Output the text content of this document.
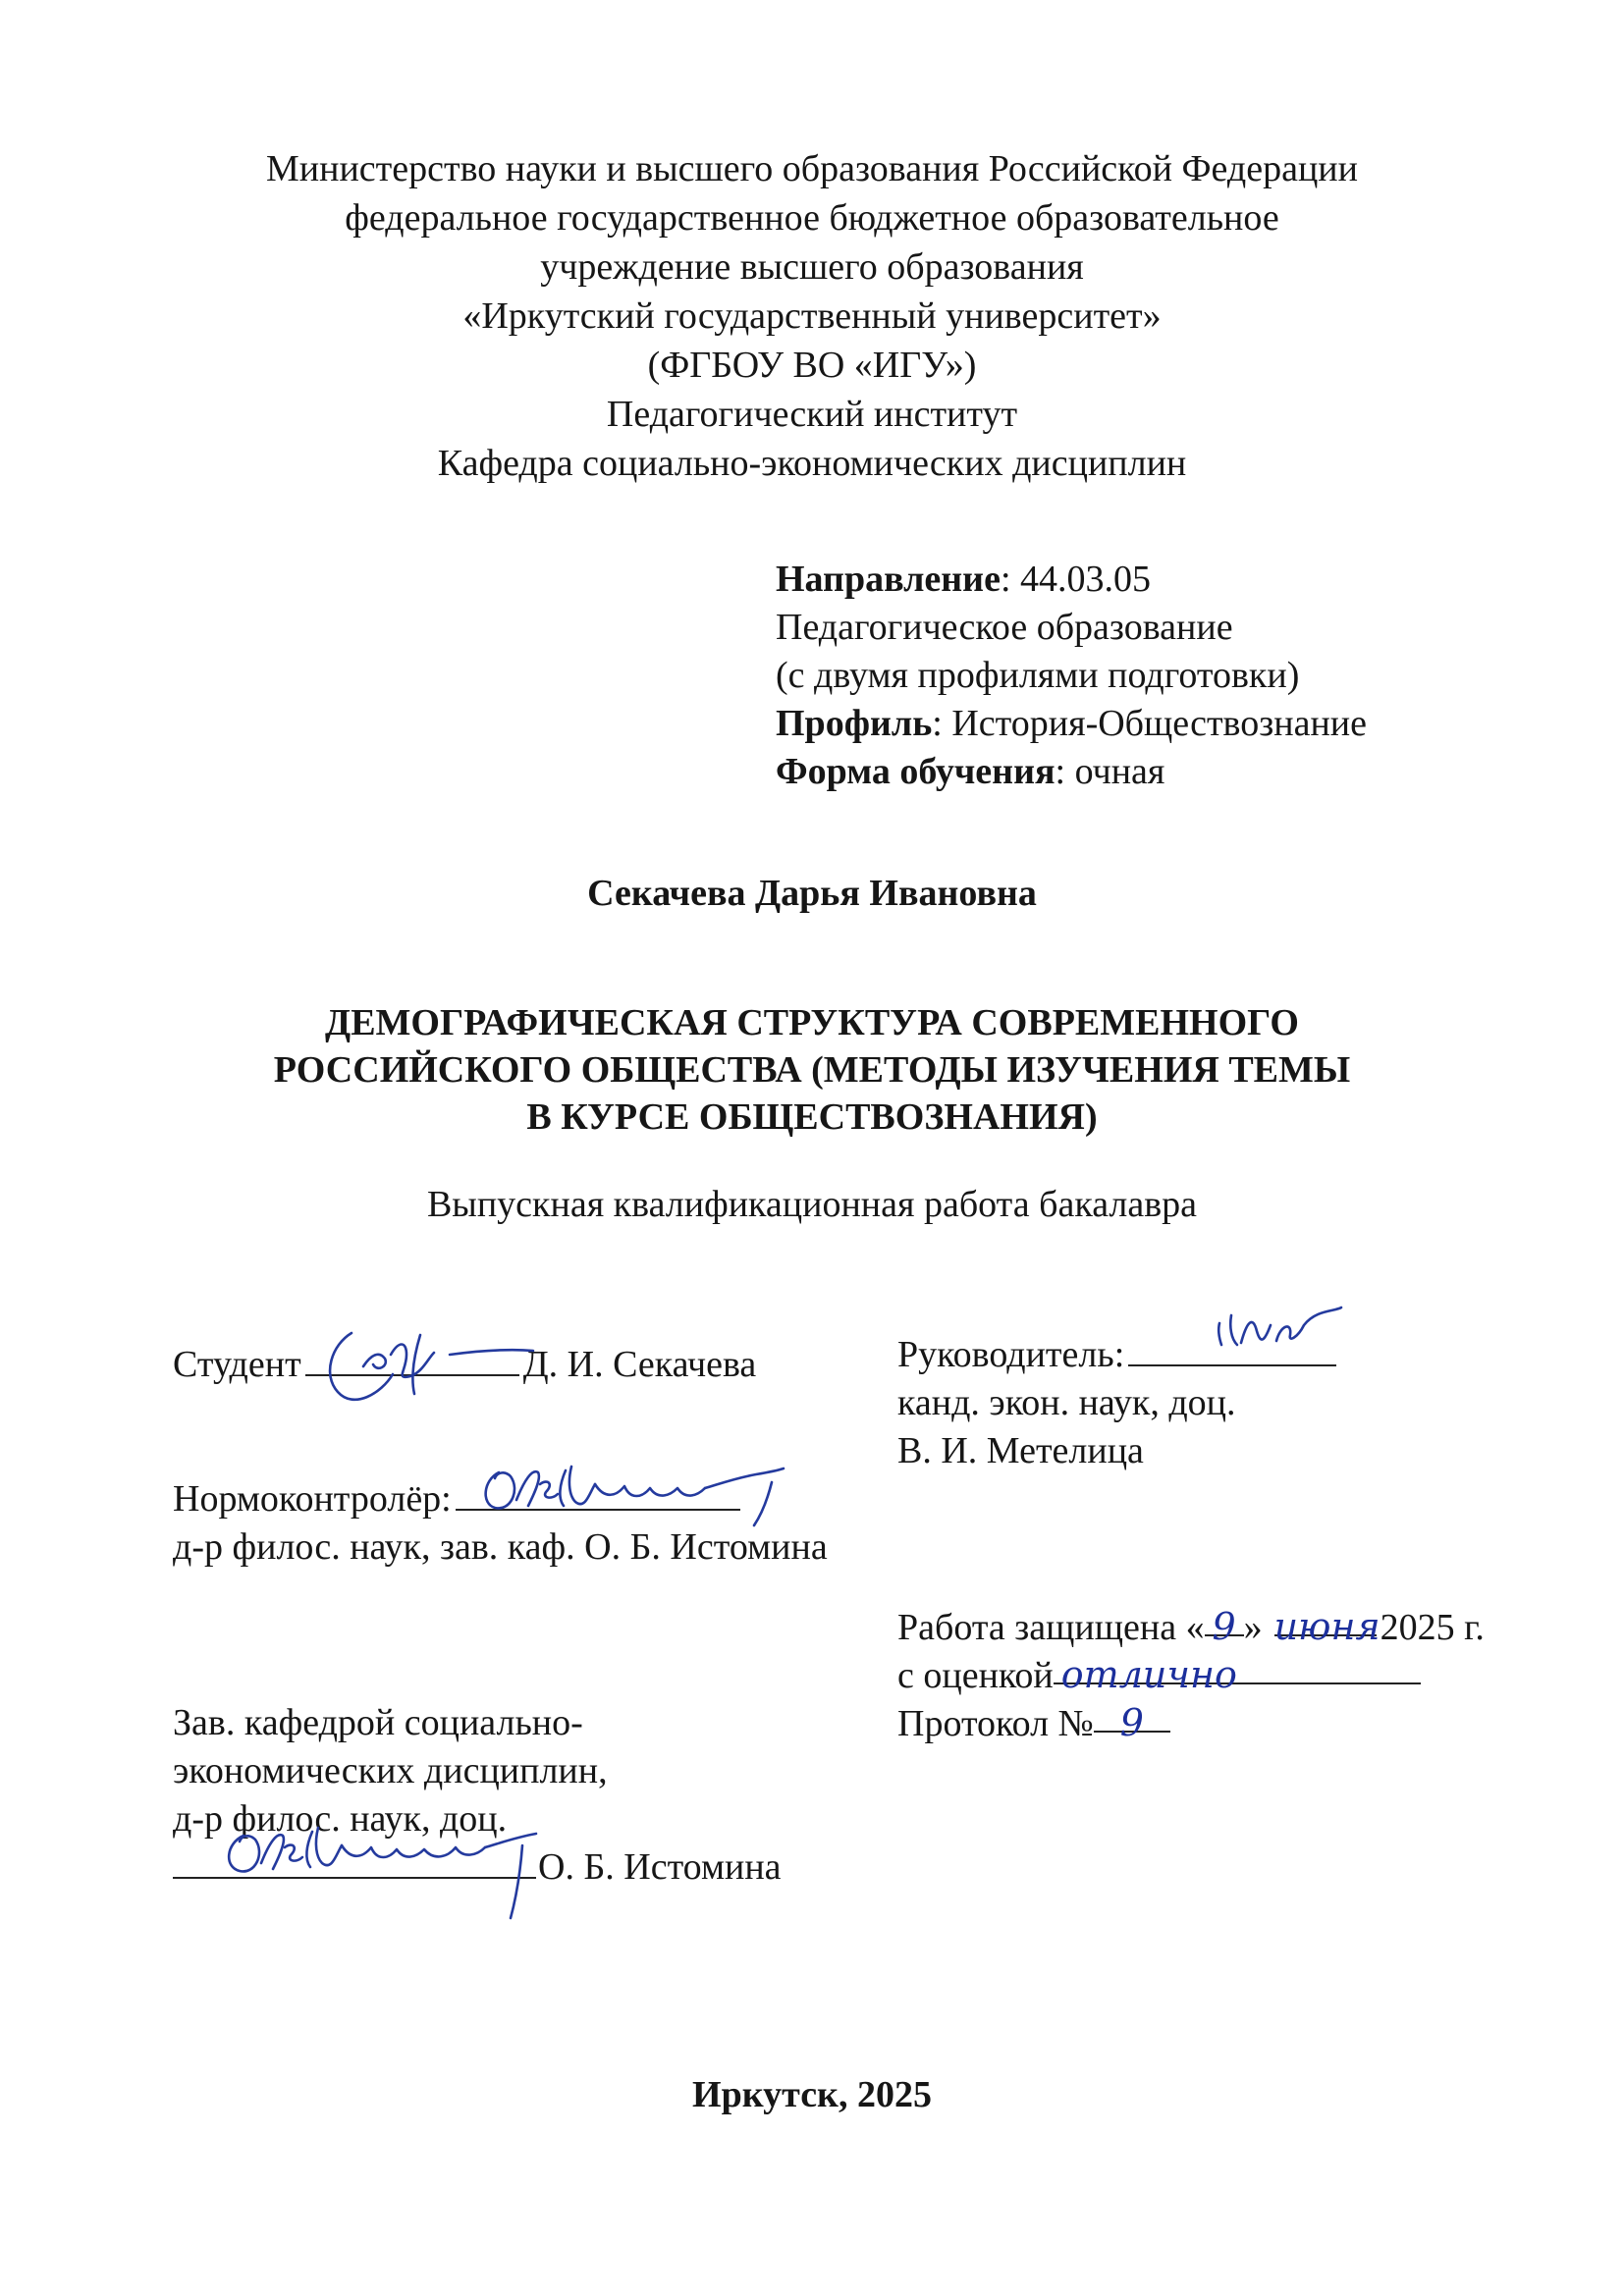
Министерство науки и высшего образования Российской Федерации
федеральное государственное бюджетное образовательное
учреждение высшего образования
«Иркутский государственный университет»
(ФГБОУ ВО «ИГУ»)
Педагогический институт
Кафедра социально-экономических дисциплин
Направление: 44.03.05
Педагогическое образование
(с двумя профилями подготовки)
Профиль: История-Обществознание
Форма обучения: очная
Секачева Дарья Ивановна
ДЕМОГРАФИЧЕСКАЯ СТРУКТУРА СОВРЕМЕННОГО
РОССИЙСКОГО ОБЩЕСТВА (МЕТОДЫ ИЗУЧЕНИЯ ТЕМЫ
В КУРСЕ ОБЩЕСТВОЗНАНИЯ)
Выпускная квалификационная работа бакалавра
Студент	Д. И. Секачева	Руководитель:
канд. экон. наук, доц.
В. И. Метелица
Нормоконтролёр:
д-р филос. наук, зав. каф. О. Б. Истомина
Работа защищена « 9 » июня2025 г.
с оценкой отлично
Протокол № 9
Зав. кафедрой социально-
экономических дисциплин,
д-р филос. наук, доц.
О. Б. Истомина
Иркутск, 2025
